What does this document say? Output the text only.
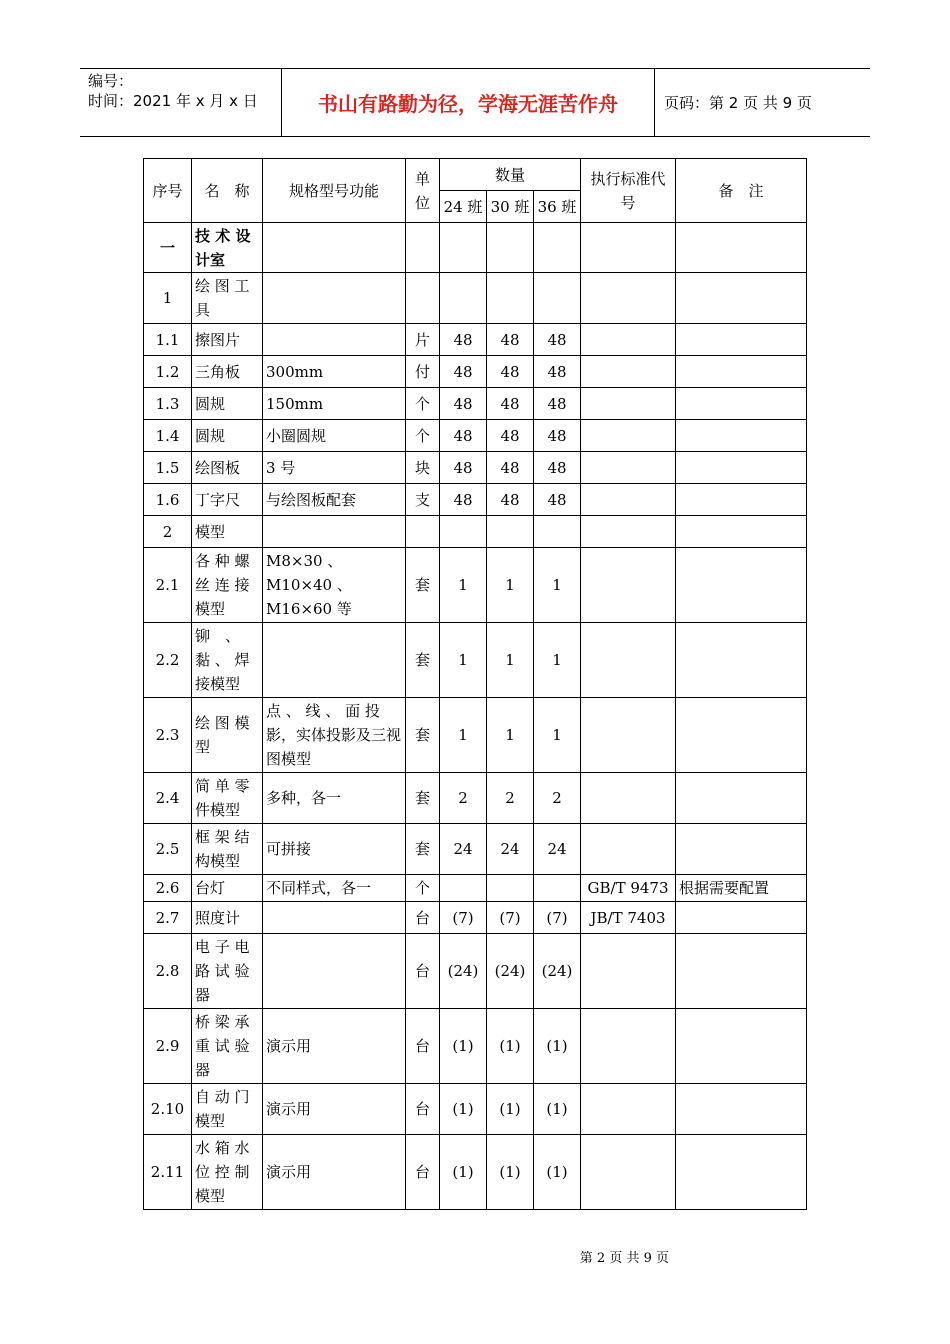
编号：
时间：2021 年 x 月 x 日	书山有路勤为径，学海无涯苦作舟	页码：第 2 页 共 9 页
序号	名　称	规格型号功能	单位	数量			执行标准代号	备　注
				24 班	30 班	36 班		
一	技 术 设 计室							
1	绘 图 工 具							
1.1	擦图片		片	48	48	48		
1.2	三角板	300mm	付	48	48	48		
1.3	圆规	150mm	个	48	48	48		
1.4	圆规	小圈圆规	个	48	48	48		
1.5	绘图板	3 号	块	48	48	48		
1.6	丁字尺	与绘图板配套	支	48	48	48		
2	模型							
2.1	各 种 螺 丝 连 接 模型	M8×30 、 M10×40 、M16×60 等	套	1	1	1		
2.2	铆　、 黏 、 焊 接模型		套	1	1	1		
2.3	绘 图 模 型	点 、 线 、 面 投 影，实体投影及三视图模型	套	1	1	1		
2.4	简 单 零 件模型	多种，各一	套	2	2	2		
2.5	框 架 结 构模型	可拼接	套	24	24	24		
2.6	台灯	不同样式，各一	个				GB/T 9473	根据需要配置
2.7	照度计		台	(7)	(7)	(7)	JB/T 7403	
2.8	电 子 电 路 试 验 器		台	(24)	(24)	(24)		
2.9	桥 梁 承 重 试 验 器	演示用	台	(1)	(1)	(1)		
2.10	自 动 门 模型	演示用	台	(1)	(1)	(1)		
2.11	水 箱 水 位 控 制 模型	演示用	台	(1)	(1)	(1)		
第 2 页 共 9 页
